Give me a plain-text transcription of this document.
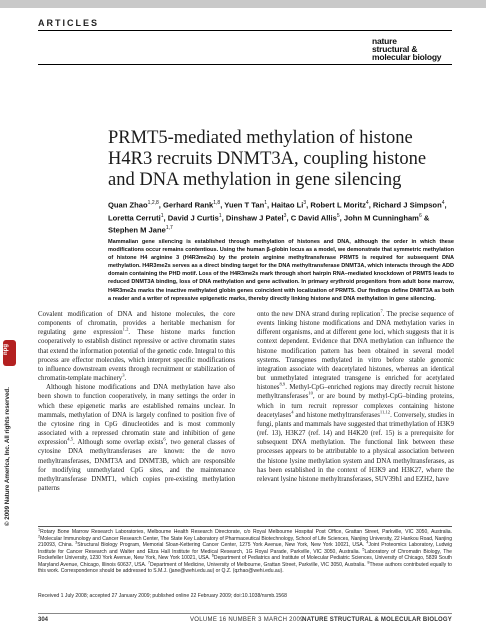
ARTICLES
nature
structural &
molecular biology
PRMT5-mediated methylation of histone H4R3 recruits DNMT3A, coupling histone and DNA methylation in gene silencing
Quan Zhao$^{1,2,8}$, Gerhard Rank$^{1,8}$, Yuen T Tan$^1$, Haitao Li$^3$, Robert L Moritz$^4$, Richard J Simpson$^4$, Loretta Cerruti$^1$, David J Curtis$^1$, Dinshaw J Patel$^3$, C David Allis$^5$, John M Cunningham$^6$ & Stephen M Jane$^{1,7}$
Mammalian gene silencing is established through methylation of histones and DNA, although the order in which these modifications occur remains contentious. Using the human β-globin locus as a model, we demonstrate that symmetric methylation of histone H4 arginine 3 (H4R3me2s) by the protein arginine methyltransferase PRMT5 is required for subsequent DNA methylation. H4R3me2s serves as a direct binding target for the DNA methyltransferase DNMT3A, which interacts through the ADD domain containing the PHD motif. Loss of the H4R3me2s mark through short hairpin RNA–mediated knockdown of PRMT5 leads to reduced DNMT3A binding, loss of DNA methylation and gene activation. In primary erythroid progenitors from adult bone marrow, H4R3me2s marks the inactive methylated globin genes coincident with localization of PRMT5. Our findings define DNMT3A as both a reader and a writer of repressive epigenetic marks, thereby directly linking histone and DNA methylation in gene silencing.
© 2009 Nature America, Inc. All rights reserved.
npg

Covalent modification of DNA and histone molecules, the core components of chromatin, provides a heritable mechanism for regulating gene expression$^{1,2}$. These histone marks function cooperatively to establish distinct repressive or active chromatin states that extend the information potential of the genetic code. Integral to this process are effector molecules, which interpret specific modifications to influence downstream events through recruitment or stabilization of chromatin-template machinery$^3$.

Although histone modifications and DNA methylation have also been shown to function cooperatively, in many settings the order in which these epigenetic marks are established remains unclear. In mammals, methylation of DNA is largely confined to position five of the cytosine ring in CpG dinucleotides and is most commonly associated with a repressed chromatin state and inhibition of gene expression$^{4,5}$. Although some overlap exists$^6$, two general classes of cytosine DNA methyltransferases are known: the de novo methyltransferases, DNMT3A and DNMT3B, which are responsible for modifying unmethylated CpG sites, and the maintenance methyltransferase DNMT1, which copies pre-existing methylation patterns

onto the new DNA strand during replication$^7$. The precise sequence of events linking histone modifications and DNA methylation varies in different organisms, and at different gene loci, which suggests that it is context dependent. Evidence that DNA methylation can influence the histone modification pattern has been obtained in several model systems. Transgenes methylated in vitro before stable genomic integration associate with deacetylated histones, whereas an identical but unmethylated integrated transgene is enriched for acetylated histones$^{8,9}$. Methyl-CpG–enriched regions may directly recruit histone methyltransferases$^{10}$, or are bound by methyl-CpG–binding proteins, which in turn recruit repressor complexes containing histone deacetylases$^4$ and histone methyltransferases$^{11,12}$. Conversely, studies in fungi, plants and mammals have suggested that trimethylation of H3K9 (ref. 13), H3K27 (ref. 14) and H4K20 (ref. 15) is a prerequisite for subsequent DNA methylation. The functional link between these processes appears to be attributable to a physical association between the histone lysine methylation system and DNA methyltransferases, as has been established in the context of H3K9 and H3K27, where the relevant lysine histone methyltransferases, SUV39h1 and EZH2, have

$^1$Rotary Bone Marrow Research Laboratories, Melbourne Health Research Directorate, c/o Royal Melbourne Hospital Post Office, Grattan Street, Parkville, VIC 3050, Australia. $^2$Molecular Immunology and Cancer Research Center, The State Key Laboratory of Pharmaceutical Biotechnology, School of Life Sciences, Nanjing University, 22 Hankou Road, Nanjing 210093, China. $^3$Structural Biology Program, Memorial Sloan-Kettering Cancer Center, 1275 York Avenue, New York, New York 10021, USA. $^4$Joint Proteomics Laboratory, Ludwig Institute for Cancer Research and Walter and Eliza Hall Institute for Medical Research, 1G Royal Parade, Parkville, VIC 3050, Australia. $^5$Laboratory of Chromatin Biology, The Rockefeller University, 1230 York Avenue, New York, New York 10021, USA. $^6$Department of Pediatrics and Institute of Molecular Pediatric Sciences, University of Chicago, 5839 South Maryland Avenue, Chicago, Illinois 60637, USA. $^7$Department of Medicine, University of Melbourne, Grattan Street, Parkville, VIC 3050, Australia. $^8$These authors contributed equally to this work. Correspondence should be addressed to S.M.J. (jane@wehi.edu.au) or Q.Z. (qzhao@wehi.edu.au).
Received 1 July 2008; accepted 27 January 2009; published online 22 February 2009; doi:10.1038/nsmb.1568
304	VOLUME 16 NUMBER 3 MARCH 2009
NATURE STRUCTURAL & MOLECULAR BIOLOGY
